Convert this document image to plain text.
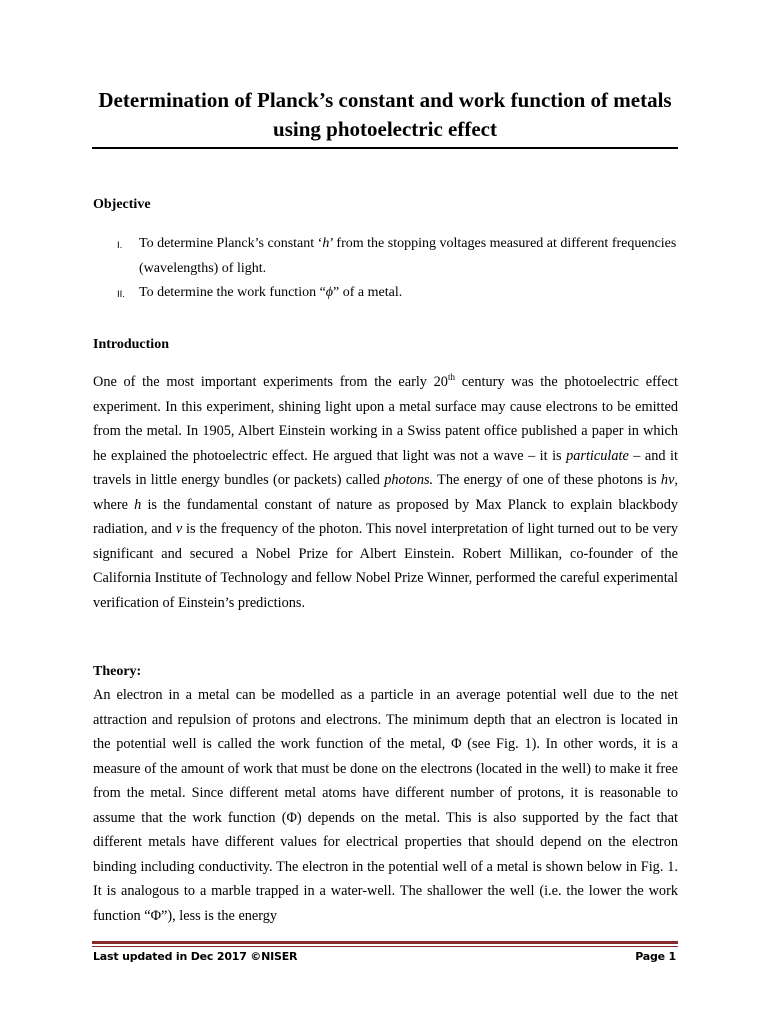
Determination of Planck’s constant and work function of metals using photoelectric effect
Objective
I. To determine Planck’s constant ‘h’ from the stopping voltages measured at different frequencies (wavelengths) of light.
II. To determine the work function “ϕ” of a metal.
Introduction

One of the most important experiments from the early 20th century was the photoelectric effect experiment. In this experiment, shining light upon a metal surface may cause electrons to be emitted from the metal. In 1905, Albert Einstein working in a Swiss patent office published a paper in which he explained the photoelectric effect. He argued that light was not a wave – it is particulate – and it travels in little energy bundles (or packets) called photons. The energy of one of these photons is hν, where h is the fundamental constant of nature as proposed by Max Planck to explain blackbody radiation, and ν is the frequency of the photon. This novel interpretation of light turned out to be very significant and secured a Nobel Prize for Albert Einstein. Robert Millikan, co-founder of the California Institute of Technology and fellow Nobel Prize Winner, performed the careful experimental verification of Einstein’s predictions.

Theory:

An electron in a metal can be modelled as a particle in an average potential well due to the net attraction and repulsion of protons and electrons. The minimum depth that an electron is located in the potential well is called the work function of the metal, Φ (see Fig. 1). In other words, it is a measure of the amount of work that must be done on the electrons (located in the well) to make it free from the metal. Since different metal atoms have different number of protons, it is reasonable to assume that the work function (Φ) depends on the metal. This is also supported by the fact that different metals have different values for electrical properties that should depend on the electron binding including conductivity. The electron in the potential well of a metal is shown below in Fig. 1. It is analogous to a marble trapped in a water-well. The shallower the well (i.e. the lower the work function “Φ”), less is the energy

Last updated in Dec 2017 ©NISER	Page 1
